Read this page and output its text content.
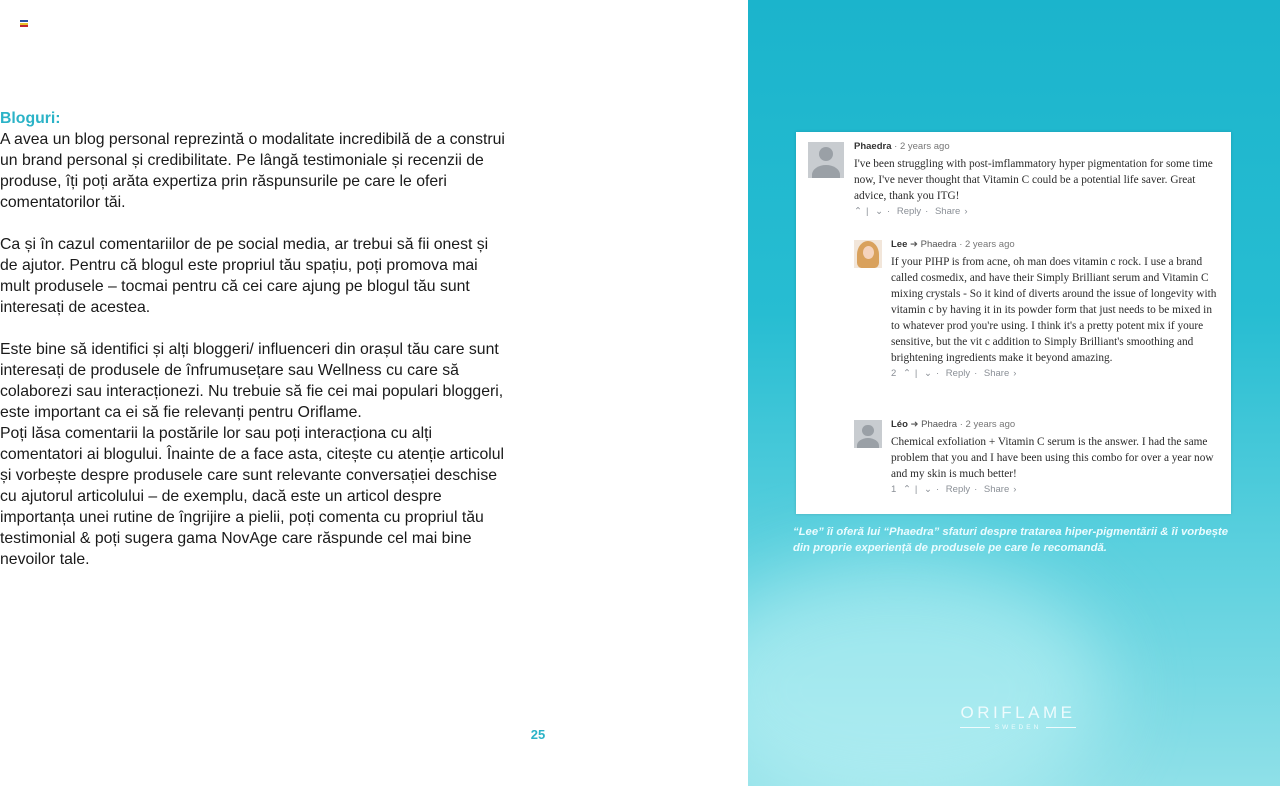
Bloguri:

A avea un blog personal reprezintă o modalitate incredibilă de a construi un brand personal și credibilitate. Pe lângă testimoniale și recenzii de produse, îți poți arăta expertiza prin răspunsurile pe care le oferi comentatorilor tăi.

Ca și în cazul comentariilor de pe social media, ar trebui să fii onest și de ajutor. Pentru că blogul este propriul tău spațiu, poți promova mai mult produsele – tocmai pentru că cei care ajung pe blogul tău sunt interesați de acestea.

Este bine să identifici și alți bloggeri/ influenceri din orașul tău care sunt interesați de produsele de înfrumusețare sau Wellness cu care să colaborezi sau interacționezi. Nu trebuie să fie cei mai populari bloggeri, este important ca ei să fie relevanți pentru Oriflame.

Poți lăsa comentarii la postările lor sau poți interacționa cu alți comentatori ai blogului. Înainte de a face asta, citește cu atenție articolul și vorbește despre produsele care sunt relevante conversației deschise cu ajutorul articolului – de exemplu, dacă este un articol despre importanța unei rutine de îngrijire a pielii, poți comenta cu propriul tău testimonial & poți sugera gama NovAge care răspunde cel mai bine nevoilor tale.

25
Phaedra · 2 years ago
I've been struggling with post-imflammatory hyper pigmentation for some time now, I've never thought that Vitamin C could be a potential life saver. Great advice, thank you ITG!
⌃ | ⌄ · Reply · Share ›
Lee ➜ Phaedra · 2 years ago
If your PIHP is from acne, oh man does vitamin c rock. I use a brand called cosmedix, and have their Simply Brilliant serum and Vitamin C mixing crystals - So it kind of diverts around the issue of longevity with vitamin c by having it in its powder form that just needs to be mixed in to whatever prod you're using. I think it's a pretty potent mix if youre sensitive, but the vit c addition to Simply Brilliant's smoothing and brightening ingredients make it beyond amazing.
2 ⌃ | ⌄ · Reply · Share ›
Léo ➜ Phaedra · 2 years ago
Chemical exfoliation + Vitamin C serum is the answer. I had the same problem that you and I have been using this combo for over a year now and my skin is much better!
1 ⌃ | ⌄ · Reply · Share ›
“Lee” îi oferă lui “Phaedra” sfaturi despre tratarea hiper-pigmentării & îi vorbește din proprie experiență de produsele pe care le recomandă.
ORIFLAME
SWEDEN
